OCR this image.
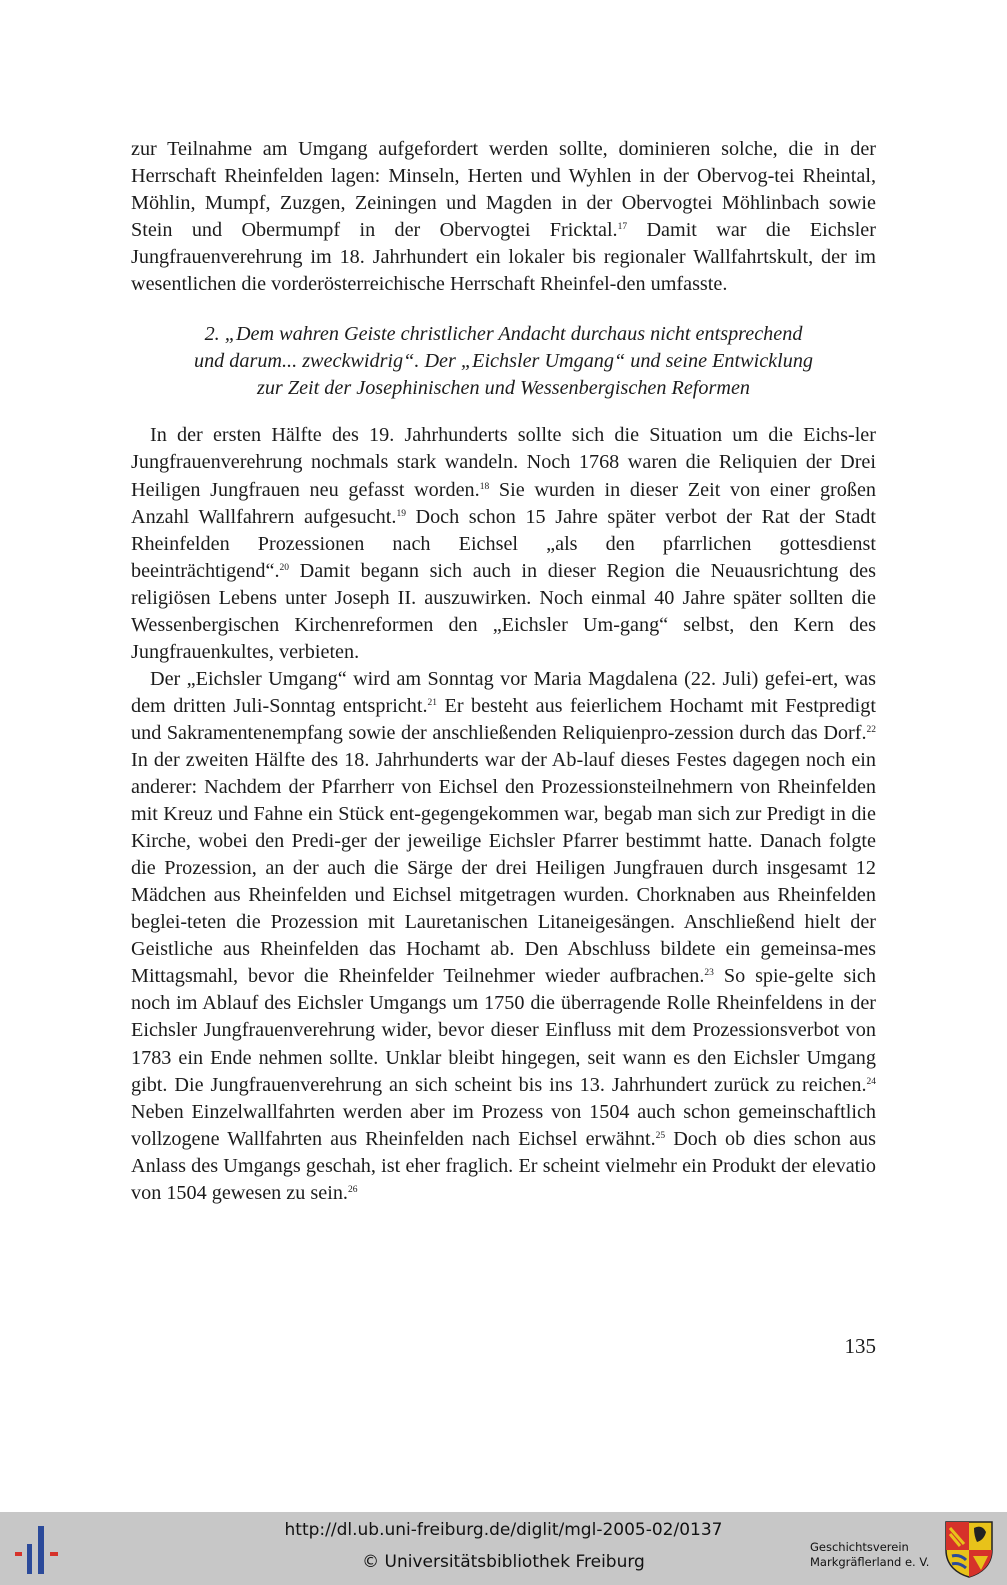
zur Teilnahme am Umgang aufgefordert werden sollte, dominieren solche, die in der Herrschaft Rheinfelden lagen: Minseln, Herten und Wyhlen in der Obervog-tei Rheintal, Möhlin, Mumpf, Zuzgen, Zeiningen und Magden in der Obervogtei Möhlinbach sowie Stein und Obermumpf in der Obervogtei Fricktal.$^{17}$ Damit war die Eichsler Jungfrauenverehrung im 18. Jahrhundert ein lokaler bis regionaler Wallfahrtskult, der im wesentlichen die vorderösterreichische Herrschaft Rheinfel-den umfasste.

2. „Dem wahren Geiste christlicher Andacht durchaus nicht entsprechend
und darum... zweckwidrig“. Der „Eichsler Umgang“ und seine Entwicklung
zur Zeit der Josephinischen und Wessenbergischen Reformen

In der ersten Hälfte des 19. Jahrhunderts sollte sich die Situation um die Eichs-ler Jungfrauenverehrung nochmals stark wandeln. Noch 1768 waren die Reliquien der Drei Heiligen Jungfrauen neu gefasst worden.$^{18}$ Sie wurden in dieser Zeit von einer großen Anzahl Wallfahrern aufgesucht.$^{19}$ Doch schon 15 Jahre später verbot der Rat der Stadt Rheinfelden Prozessionen nach Eichsel „als den pfarrlichen gottesdienst beeinträchtigend“.$^{20}$ Damit begann sich auch in dieser Region die Neuausrichtung des religiösen Lebens unter Joseph II. auszuwirken. Noch einmal 40 Jahre später sollten die Wessenbergischen Kirchenreformen den „Eichsler Um-gang“ selbst, den Kern des Jungfrauenkultes, verbieten.

Der „Eichsler Umgang“ wird am Sonntag vor Maria Magdalena (22. Juli) gefei-ert, was dem dritten Juli-Sonntag entspricht.$^{21}$ Er besteht aus feierlichem Hochamt mit Festpredigt und Sakramentenempfang sowie der anschließenden Reliquienpro-zession durch das Dorf.$^{22}$ In der zweiten Hälfte des 18. Jahrhunderts war der Ab-lauf dieses Festes dagegen noch ein anderer: Nachdem der Pfarrherr von Eichsel den Prozessionsteilnehmern von Rheinfelden mit Kreuz und Fahne ein Stück ent-gegengekommen war, begab man sich zur Predigt in die Kirche, wobei den Predi-ger der jeweilige Eichsler Pfarrer bestimmt hatte. Danach folgte die Prozession, an der auch die Särge der drei Heiligen Jungfrauen durch insgesamt 12 Mädchen aus Rheinfelden und Eichsel mitgetragen wurden. Chorknaben aus Rheinfelden beglei-teten die Prozession mit Lauretanischen Litaneigesängen. Anschließend hielt der Geistliche aus Rheinfelden das Hochamt ab. Den Abschluss bildete ein gemeinsa-mes Mittagsmahl, bevor die Rheinfelder Teilnehmer wieder aufbrachen.$^{23}$ So spie-gelte sich noch im Ablauf des Eichsler Umgangs um 1750 die überragende Rolle Rheinfeldens in der Eichsler Jungfrauenverehrung wider, bevor dieser Einfluss mit dem Prozessionsverbot von 1783 ein Ende nehmen sollte. Unklar bleibt hingegen, seit wann es den Eichsler Umgang gibt. Die Jungfrauenverehrung an sich scheint bis ins 13. Jahrhundert zurück zu reichen.$^{24}$ Neben Einzelwallfahrten werden aber im Prozess von 1504 auch schon gemeinschaftlich vollzogene Wallfahrten aus Rheinfelden nach Eichsel erwähnt.$^{25}$ Doch ob dies schon aus Anlass des Umgangs geschah, ist eher fraglich. Er scheint vielmehr ein Produkt der elevatio von 1504 gewesen zu sein.$^{26}$

135
http://dl.ub.uni-freiburg.de/diglit/mgl-2005-02/0137
© Universitätsbibliothek Freiburg
Geschichtsverein
Markgräflerland e. V.
